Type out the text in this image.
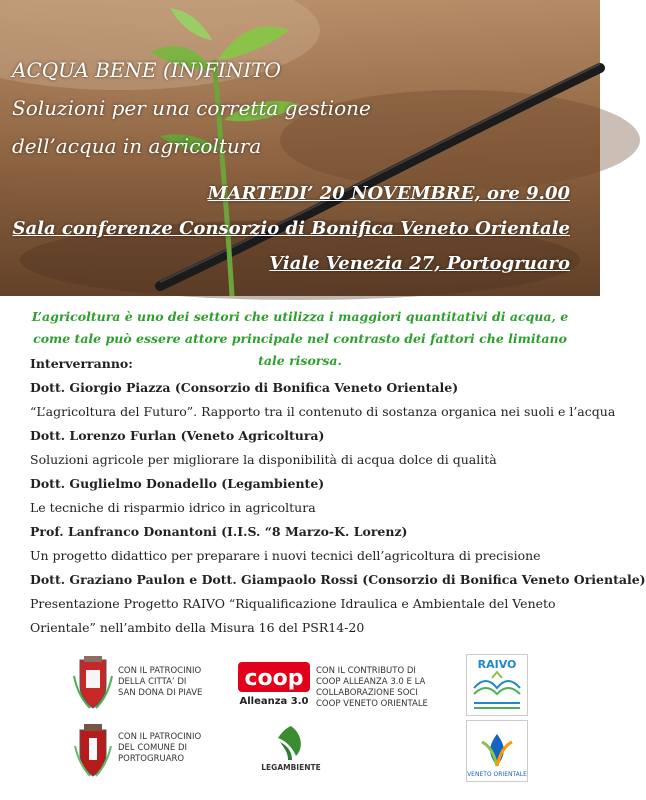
ACQUA BENE (IN)FINITO
Soluzioni per una corretta gestione
dell’acqua in agricoltura
MARTEDI’ 20 NOVEMBRE, ore 9.00
Sala conferenze Consorzio di Bonifica Veneto Orientale
Viale Venezia 27, Portogruaro
L’agricoltura è uno dei settori che utilizza i maggiori quantitativi di acqua, e come tale può essere attore principale nel contrasto dei fattori che limitano tale risorsa.
Interverranno:
Dott. Giorgio Piazza (Consorzio di Bonifica Veneto Orientale)
“L’agricoltura del Futuro”. Rapporto tra il contenuto di sostanza organica nei suoli e l’acqua
Dott. Lorenzo Furlan (Veneto Agricoltura)
Soluzioni agricole per migliorare la disponibilità di acqua dolce di qualità
Dott. Guglielmo Donadello (Legambiente)
Le tecniche di risparmio idrico in agricoltura
Prof. Lanfranco Donantoni (I.I.S. “8 Marzo-K. Lorenz)
Un progetto didattico per preparare i nuovi tecnici dell’agricoltura di precisione
Dott. Graziano Paulon e Dott. Giampaolo Rossi (Consorzio di Bonifica Veneto Orientale)
Presentazione Progetto RAIVO “Riqualificazione Idraulica e Ambientale del Veneto Orientale” nell’ambito della Misura 16 del PSR14-20
CON IL PATROCINIO
DELLA CITTA’ DI
SAN DONA DI PIAVE
CON IL PATROCINIO
DEL COMUNE DI
PORTOGRUARO
coop
Alleanza 3.0
CON IL CONTRIBUTO DI
COOP ALLEANZA 3.0 E LA
COLLABORAZIONE SOCI
COOP VENETO ORIENTALE
LEGAMBIENTE
RAIVO
VENETO ORIENTALE
